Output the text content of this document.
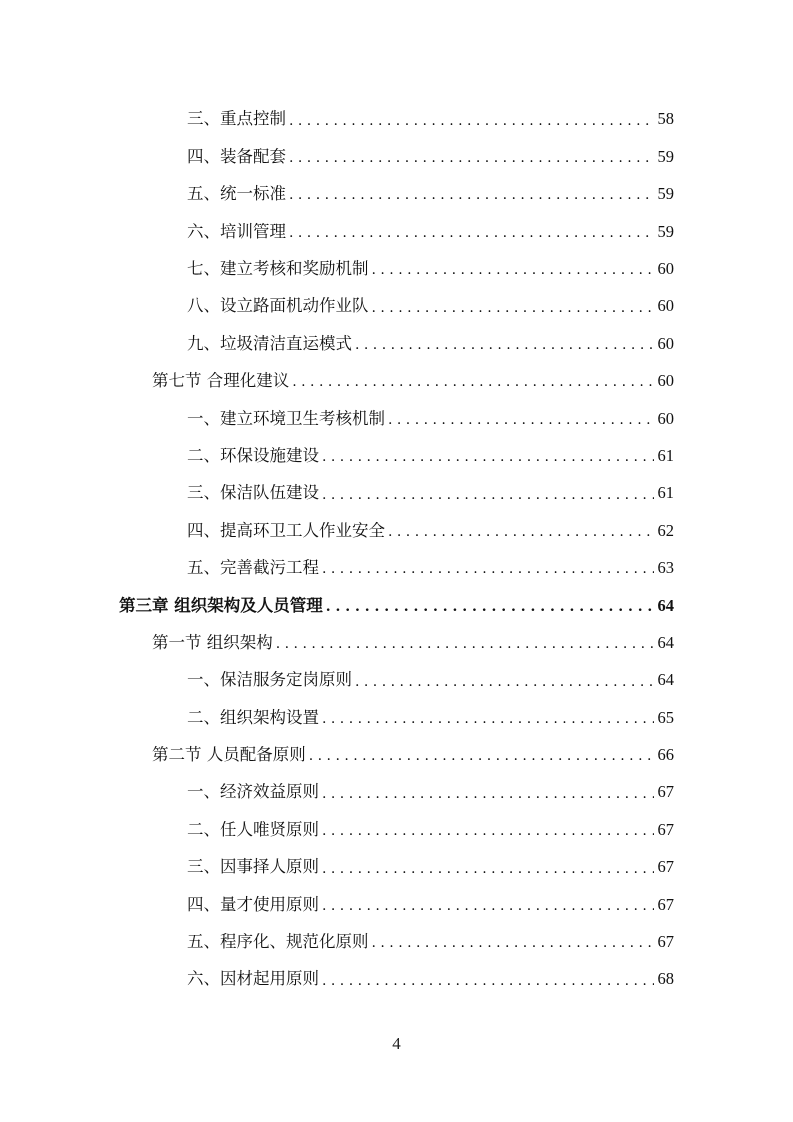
三、重点控制 . . .	58
四、装备配套 . . .	59
五、统一标准 . . .	59
六、培训管理 . . .	59
七、建立考核和奖励机制 . . .	60
八、设立路面机动作业队 . . .	60
九、垃圾清洁直运模式 . . .	60
第七节 合理化建议 . . .	60
一、建立环境卫生考核机制 . . .	60
二、环保设施建设 . . .	61
三、保洁队伍建设 . . .	61
四、提高环卫工人作业安全 . . .	62
五、完善截污工程 . . .	63
第三章 组织架构及人员管理 . . .	64
第一节 组织架构 . . .	64
一、保洁服务定岗原则 . . .	64
二、组织架构设置 . . .	65
第二节 人员配备原则 . . .	66
一、经济效益原则 . . .	67
二、任人唯贤原则 . . .	67
三、因事择人原则 . . .	67
四、量才使用原则 . . .	67
五、程序化、规范化原则 . . .	67
六、因材起用原则 . . .	68
4
